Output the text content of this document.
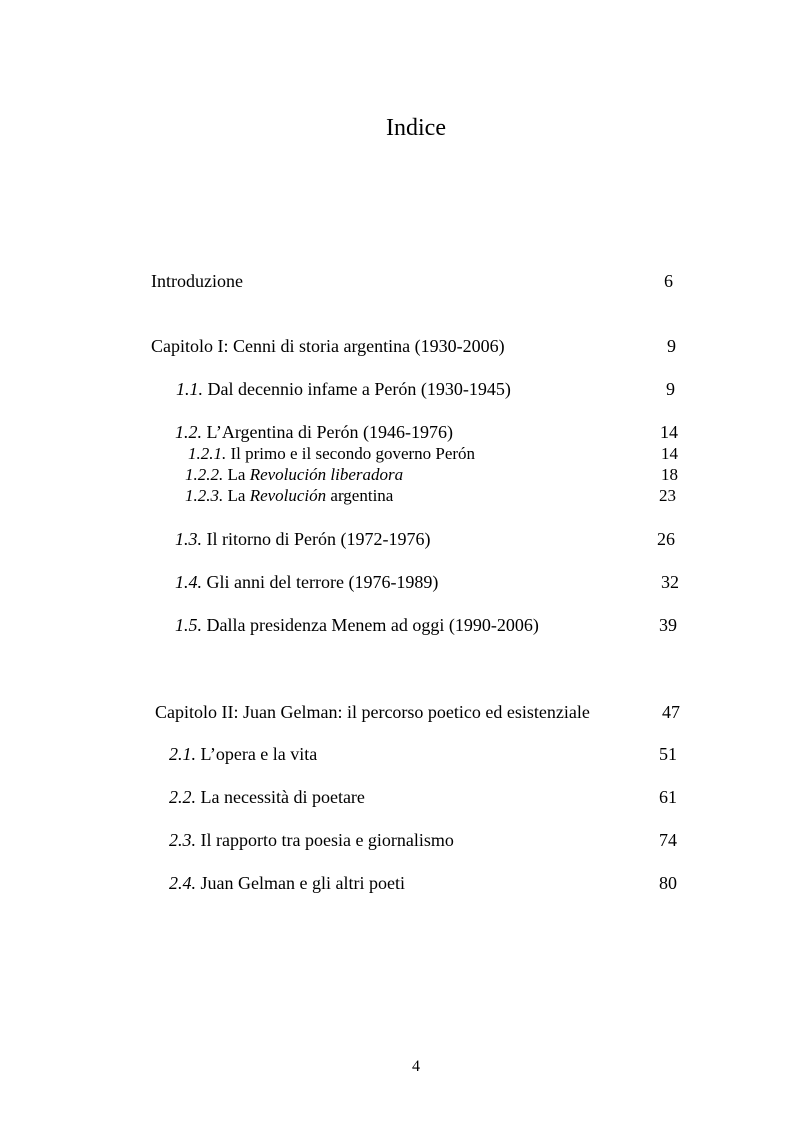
Indice
Introduzione	6
Capitolo I: Cenni di storia argentina (1930-2006)	9
1.1. Dal decennio infame a Perón (1930-1945)	9
1.2. L’Argentina di Perón (1946-1976)	14
1.2.1. Il primo e il secondo governo Perón	14
1.2.2. La Revolución liberadora	18
1.2.3. La Revolución argentina	23
1.3. Il ritorno di Perón (1972-1976)	26
1.4. Gli anni del terrore (1976-1989)	32
1.5. Dalla presidenza Menem ad oggi (1990-2006)	39
Capitolo II: Juan Gelman: il percorso poetico ed esistenziale	47
2.1. L’opera e la vita	51
2.2. La necessità di poetare	61
2.3. Il rapporto tra poesia e giornalismo	74
2.4. Juan Gelman e gli altri poeti	80
4
